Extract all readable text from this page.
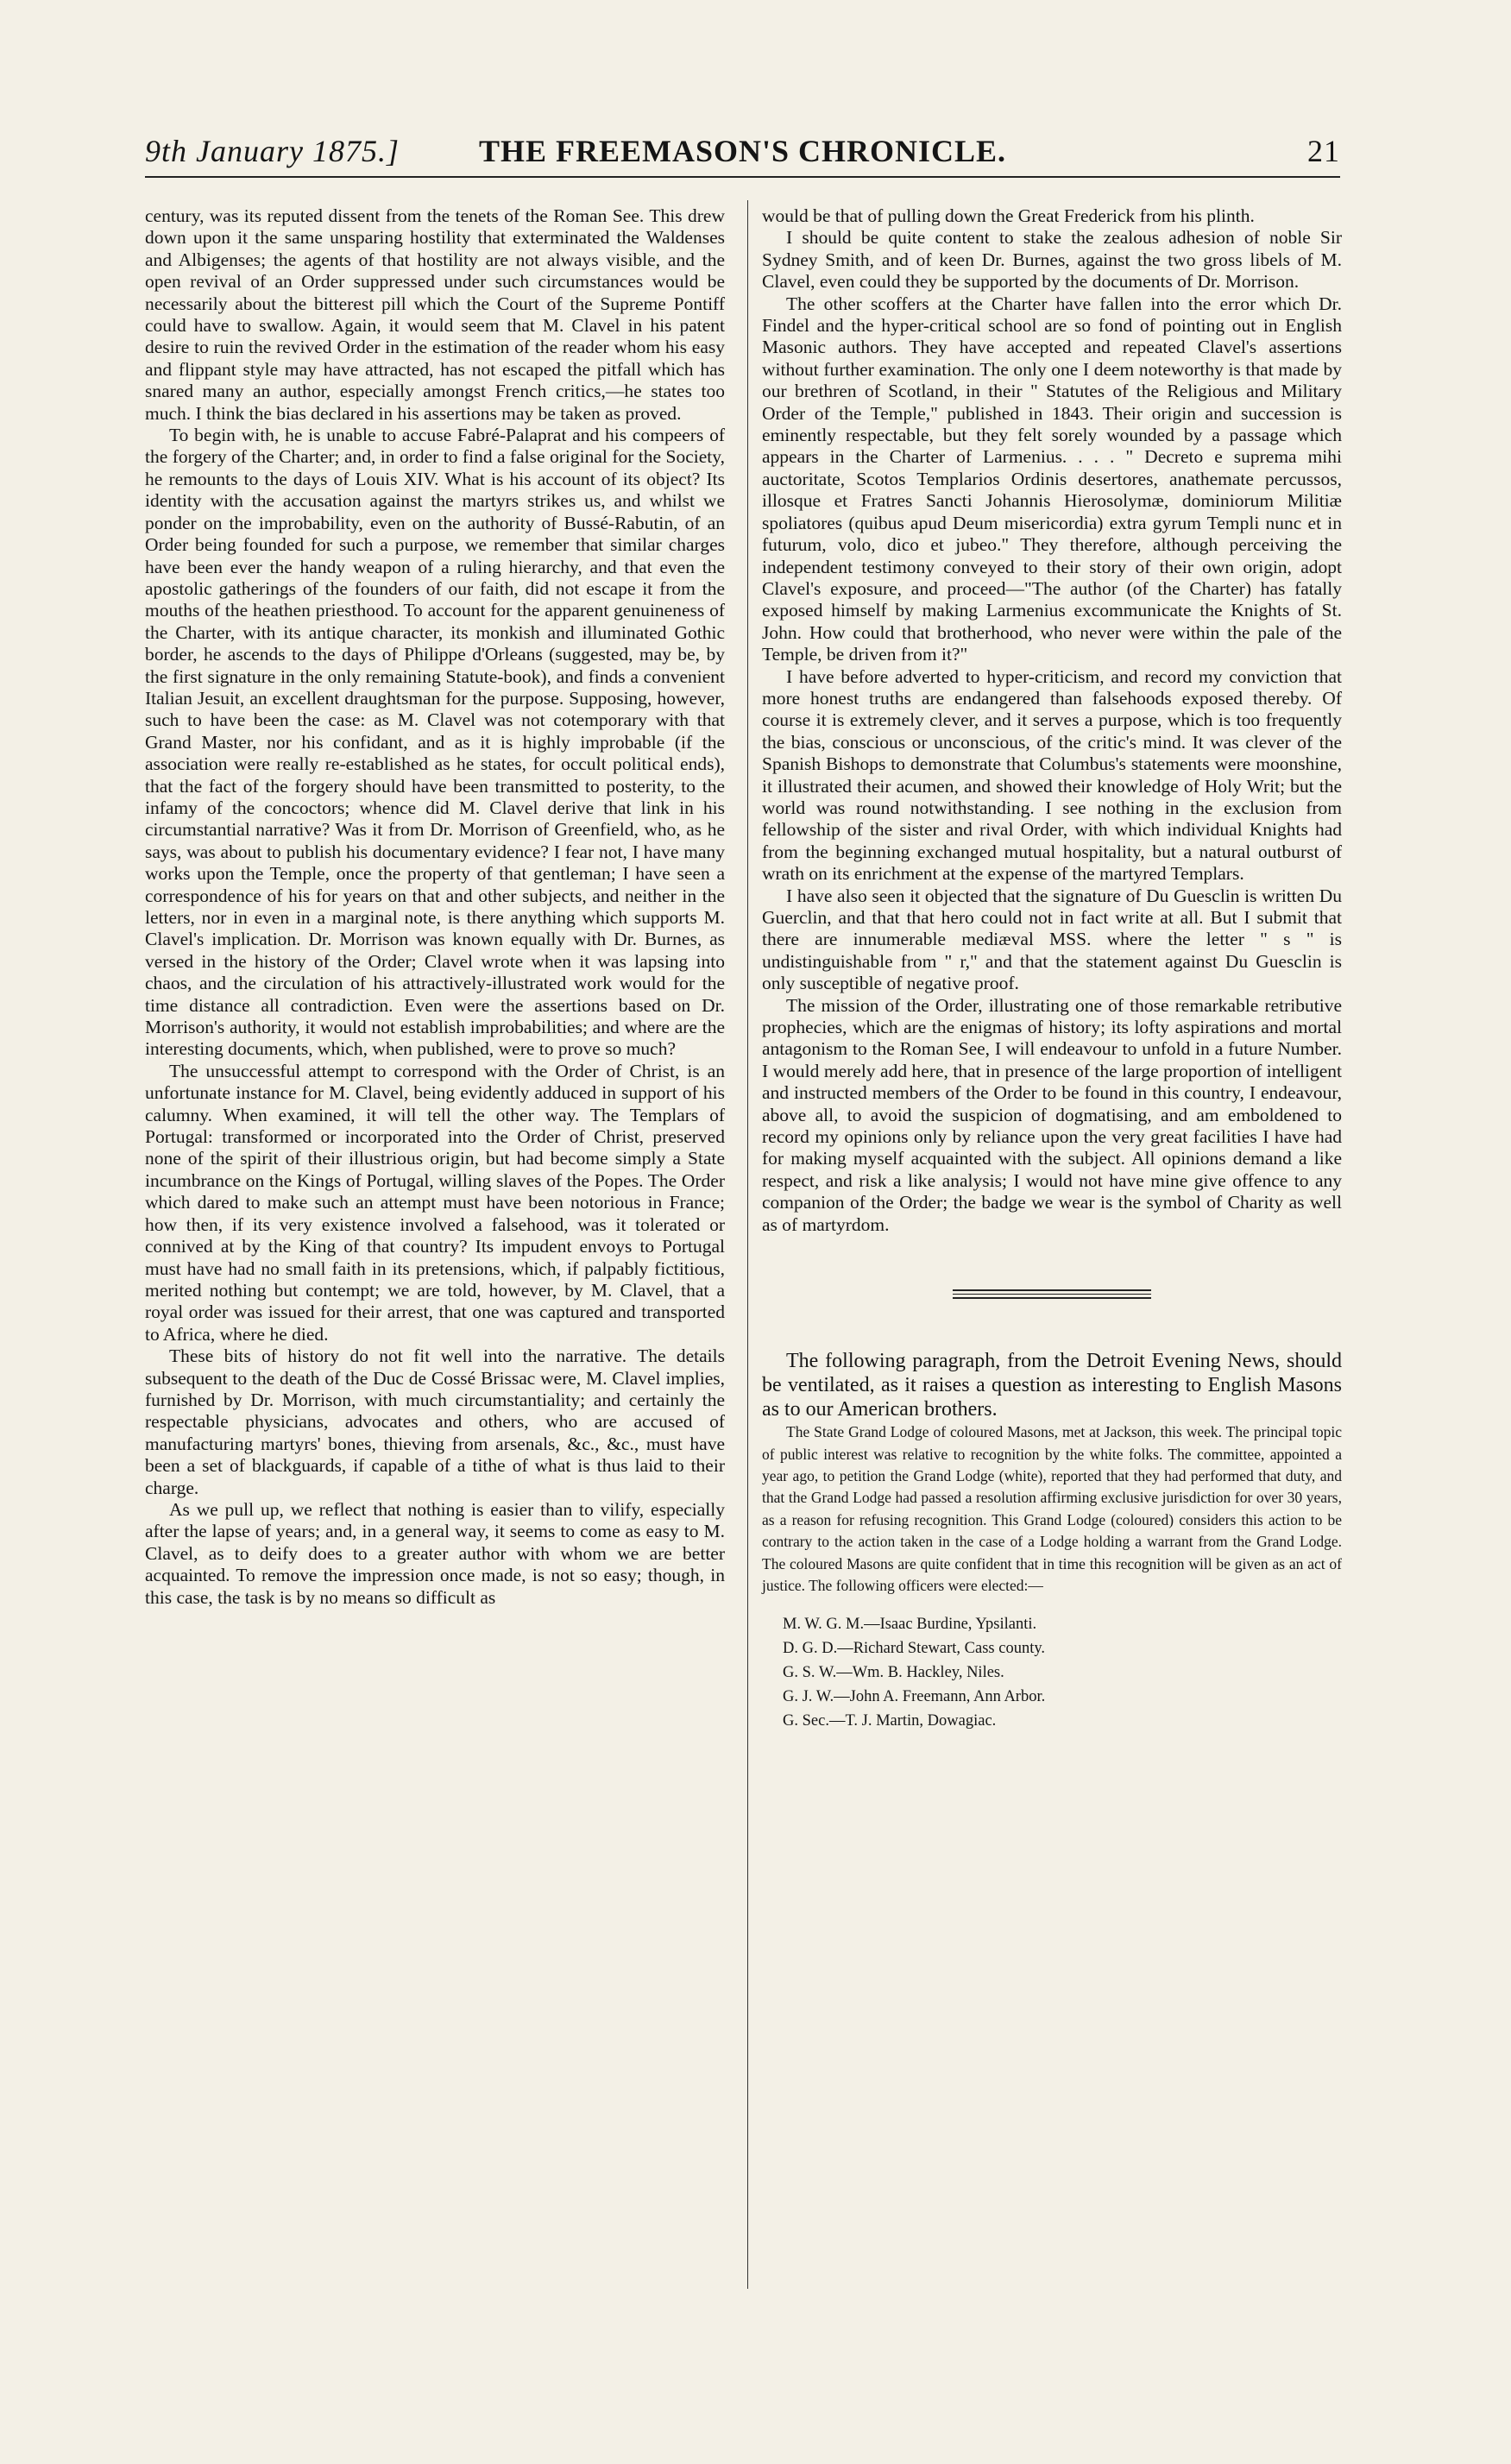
9th January 1875.]	THE FREEMASON'S CHRONICLE.	21

century, was its reputed dissent from the tenets of the Roman See. This drew down upon it the same unsparing hostility that exterminated the Waldenses and Albigenses; the agents of that hostility are not always visible, and the open revival of an Order suppressed under such circumstances would be necessarily about the bitterest pill which the Court of the Supreme Pontiff could have to swallow. Again, it would seem that M. Clavel in his patent desire to ruin the revived Order in the estimation of the reader whom his easy and flippant style may have attracted, has not escaped the pitfall which has snared many an author, especially amongst French critics,—he states too much. I think the bias declared in his assertions may be taken as proved.

To begin with, he is unable to accuse Fabré-Palaprat and his compeers of the forgery of the Charter; and, in order to find a false original for the Society, he remounts to the days of Louis XIV. What is his account of its object? Its identity with the accusation against the martyrs strikes us, and whilst we ponder on the improbability, even on the authority of Bussé-Rabutin, of an Order being founded for such a purpose, we remember that similar charges have been ever the handy weapon of a ruling hierarchy, and that even the apostolic gatherings of the founders of our faith, did not escape it from the mouths of the heathen priesthood. To account for the apparent genuineness of the Charter, with its antique character, its monkish and illuminated Gothic border, he ascends to the days of Philippe d'Orleans (suggested, may be, by the first signature in the only remaining Statute-book), and finds a convenient Italian Jesuit, an excellent draughtsman for the purpose. Supposing, however, such to have been the case: as M. Clavel was not cotemporary with that Grand Master, nor his confidant, and as it is highly improbable (if the association were really re-established as he states, for occult political ends), that the fact of the forgery should have been transmitted to posterity, to the infamy of the concoctors; whence did M. Clavel derive that link in his circumstantial narrative? Was it from Dr. Morrison of Greenfield, who, as he says, was about to publish his documentary evidence? I fear not, I have many works upon the Temple, once the property of that gentleman; I have seen a correspondence of his for years on that and other subjects, and neither in the letters, nor in even in a marginal note, is there anything which supports M. Clavel's implication. Dr. Morrison was known equally with Dr. Burnes, as versed in the history of the Order; Clavel wrote when it was lapsing into chaos, and the circulation of his attractively-illustrated work would for the time distance all contradiction. Even were the assertions based on Dr. Morrison's authority, it would not establish improbabilities; and where are the interesting documents, which, when published, were to prove so much?

The unsuccessful attempt to correspond with the Order of Christ, is an unfortunate instance for M. Clavel, being evidently adduced in support of his calumny. When examined, it will tell the other way. The Templars of Portugal: transformed or incorporated into the Order of Christ, preserved none of the spirit of their illustrious origin, but had become simply a State incumbrance on the Kings of Portugal, willing slaves of the Popes. The Order which dared to make such an attempt must have been notorious in France; how then, if its very existence involved a falsehood, was it tolerated or connived at by the King of that country? Its impudent envoys to Portugal must have had no small faith in its pretensions, which, if palpably fictitious, merited nothing but contempt; we are told, however, by M. Clavel, that a royal order was issued for their arrest, that one was captured and transported to Africa, where he died.

These bits of history do not fit well into the narrative. The details subsequent to the death of the Duc de Cossé Brissac were, M. Clavel implies, furnished by Dr. Morrison, with much circumstantiality; and certainly the respectable physicians, advocates and others, who are accused of manufacturing martyrs' bones, thieving from arsenals, &c., &c., must have been a set of blackguards, if capable of a tithe of what is thus laid to their charge.

As we pull up, we reflect that nothing is easier than to vilify, especially after the lapse of years; and, in a general way, it seems to come as easy to M. Clavel, as to deify does to a greater author with whom we are better acquainted. To remove the impression once made, is not so easy; though, in this case, the task is by no means so difficult as

would be that of pulling down the Great Frederick from his plinth.

I should be quite content to stake the zealous adhesion of noble Sir Sydney Smith, and of keen Dr. Burnes, against the two gross libels of M. Clavel, even could they be supported by the documents of Dr. Morrison.

The other scoffers at the Charter have fallen into the error which Dr. Findel and the hyper-critical school are so fond of pointing out in English Masonic authors. They have accepted and repeated Clavel's assertions without further examination. The only one I deem noteworthy is that made by our brethren of Scotland, in their " Statutes of the Religious and Military Order of the Temple," published in 1843. Their origin and succession is eminently respectable, but they felt sorely wounded by a passage which appears in the Charter of Larmenius. . . . " Decreto e suprema mihi auctoritate, Scotos Templarios Ordinis desertores, anathemate percussos, illosque et Fratres Sancti Johannis Hierosolymæ, dominiorum Militiæ spoliatores (quibus apud Deum misericordia) extra gyrum Templi nunc et in futurum, volo, dico et jubeo." They therefore, although perceiving the independent testimony conveyed to their story of their own origin, adopt Clavel's exposure, and proceed—"The author (of the Charter) has fatally exposed himself by making Larmenius excommunicate the Knights of St. John. How could that brotherhood, who never were within the pale of the Temple, be driven from it?"

I have before adverted to hyper-criticism, and record my conviction that more honest truths are endangered than falsehoods exposed thereby. Of course it is extremely clever, and it serves a purpose, which is too frequently the bias, conscious or unconscious, of the critic's mind. It was clever of the Spanish Bishops to demonstrate that Columbus's statements were moonshine, it illustrated their acumen, and showed their knowledge of Holy Writ; but the world was round notwithstanding. I see nothing in the exclusion from fellowship of the sister and rival Order, with which individual Knights had from the beginning exchanged mutual hospitality, but a natural outburst of wrath on its enrichment at the expense of the martyred Templars.

I have also seen it objected that the signature of Du Guesclin is written Du Guerclin, and that that hero could not in fact write at all. But I submit that there are innumerable mediæval MSS. where the letter " s " is undistinguishable from " r," and that the statement against Du Guesclin is only susceptible of negative proof.

The mission of the Order, illustrating one of those remarkable retributive prophecies, which are the enigmas of history; its lofty aspirations and mortal antagonism to the Roman See, I will endeavour to unfold in a future Number. I would merely add here, that in presence of the large proportion of intelligent and instructed members of the Order to be found in this country, I endeavour, above all, to avoid the suspicion of dogmatising, and am emboldened to record my opinions only by reliance upon the very great facilities I have had for making myself acquainted with the subject. All opinions demand a like respect, and risk a like analysis; I would not have mine give offence to any companion of the Order; the badge we wear is the symbol of Charity as well as of martyrdom.

The following paragraph, from the Detroit Evening News, should be ventilated, as it raises a question as interesting to English Masons as to our American brothers.

The State Grand Lodge of coloured Masons, met at Jackson, this week. The principal topic of public interest was relative to recognition by the white folks. The committee, appointed a year ago, to petition the Grand Lodge (white), reported that they had performed that duty, and that the Grand Lodge had passed a resolution affirming exclusive jurisdiction for over 30 years, as a reason for refusing recognition. This Grand Lodge (coloured) considers this action to be contrary to the action taken in the case of a Lodge holding a warrant from the Grand Lodge. The coloured Masons are quite confident that in time this recognition will be given as an act of justice. The following officers were elected:—

M. W. G. M.—Isaac Burdine, Ypsilanti.

D. G. D.—Richard Stewart, Cass county.

G. S. W.—Wm. B. Hackley, Niles.

G. J. W.—John A. Freemann, Ann Arbor.

G. Sec.—T. J. Martin, Dowagiac.
